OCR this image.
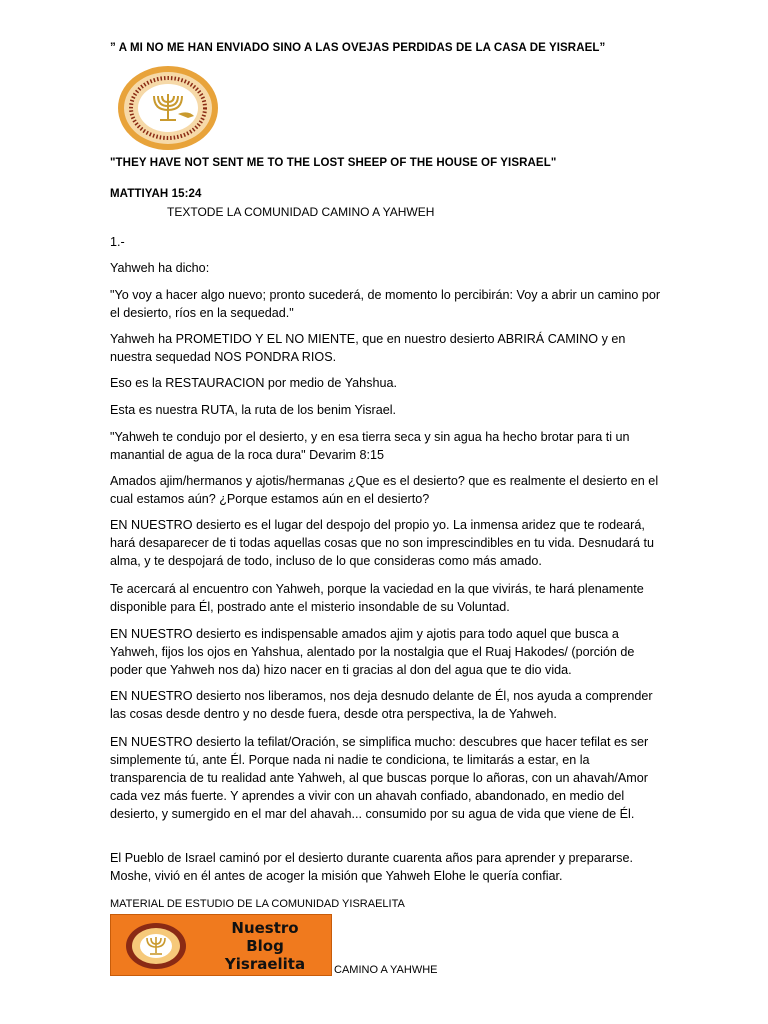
” A MI NO ME HAN ENVIADO SINO A LAS OVEJAS PERDIDAS DE LA CASA DE YISRAEL”
"THEY HAVE NOT SENT ME TO THE LOST SHEEP OF THE HOUSE OF YISRAEL"
MATTIYAH 15:24
TEXTODE LA COMUNIDAD CAMINO A YAHWEH
1.-
Yahweh ha dicho:
"Yo voy a hacer algo nuevo; pronto sucederá, de momento lo percibirán: Voy a abrir un camino por el desierto, ríos en la sequedad."
Yahweh ha PROMETIDO Y EL NO MIENTE, que en nuestro desierto ABRIRÁ CAMINO y en nuestra sequedad NOS PONDRA RIOS.
Eso es la RESTAURACION por medio de Yahshua.
Esta es nuestra RUTA, la ruta de los benim Yisrael.
"Yahweh te condujo por el desierto, y en esa tierra seca y sin agua ha hecho brotar para ti un manantial de agua de la roca dura" Devarim 8:15
Amados ajim/hermanos y ajotis/hermanas ¿Que es el desierto? que es realmente el desierto en el cual estamos aún? ¿Porque estamos aún en el desierto?
EN NUESTRO desierto es el lugar del despojo del propio yo. La inmensa aridez que te rodeará, hará desaparecer de ti todas aquellas cosas que no son imprescindibles en tu vida. Desnudará tu alma, y te despojará de todo, incluso de lo que consideras como más amado.
Te acercará al encuentro con Yahweh, porque la vaciedad en la que vivirás, te hará plenamente disponible para Él, postrado ante el misterio insondable de su Voluntad.
EN NUESTRO desierto es indispensable amados ajim y ajotis para todo aquel que busca a Yahweh, fijos los ojos en Yahshua, alentado por la nostalgia que el Ruaj Hakodes/ (porción de poder que Yahweh nos da) hizo nacer en ti gracias al don del agua que te dio vida.
EN NUESTRO desierto nos liberamos, nos deja desnudo delante de Él, nos ayuda a comprender las cosas desde dentro y no desde fuera, desde otra perspectiva, la de Yahweh.
EN NUESTRO desierto la tefilat/Oración, se simplifica mucho: descubres que hacer tefilat es ser simplemente tú, ante Él. Porque nada ni nadie te condiciona, te limitarás a estar, en la transparencia de tu realidad ante Yahweh, al que buscas porque lo añoras, con un ahavah/Amor cada vez más fuerte. Y aprendes a vivir con un ahavah confiado, abandonado, en medio del desierto, y sumergido en el mar del ahavah... consumido por su agua de vida que viene de Él.
El Pueblo de Israel caminó por el desierto durante cuarenta años para aprender y prepararse. Moshe, vivió en él antes de acoger la misión que Yahweh Elohe le quería confiar.
MATERIAL DE ESTUDIO DE LA COMUNIDAD YISRAELITA
Nuestro
Blog
Yisraelita	CAMINO A YAHWHE
